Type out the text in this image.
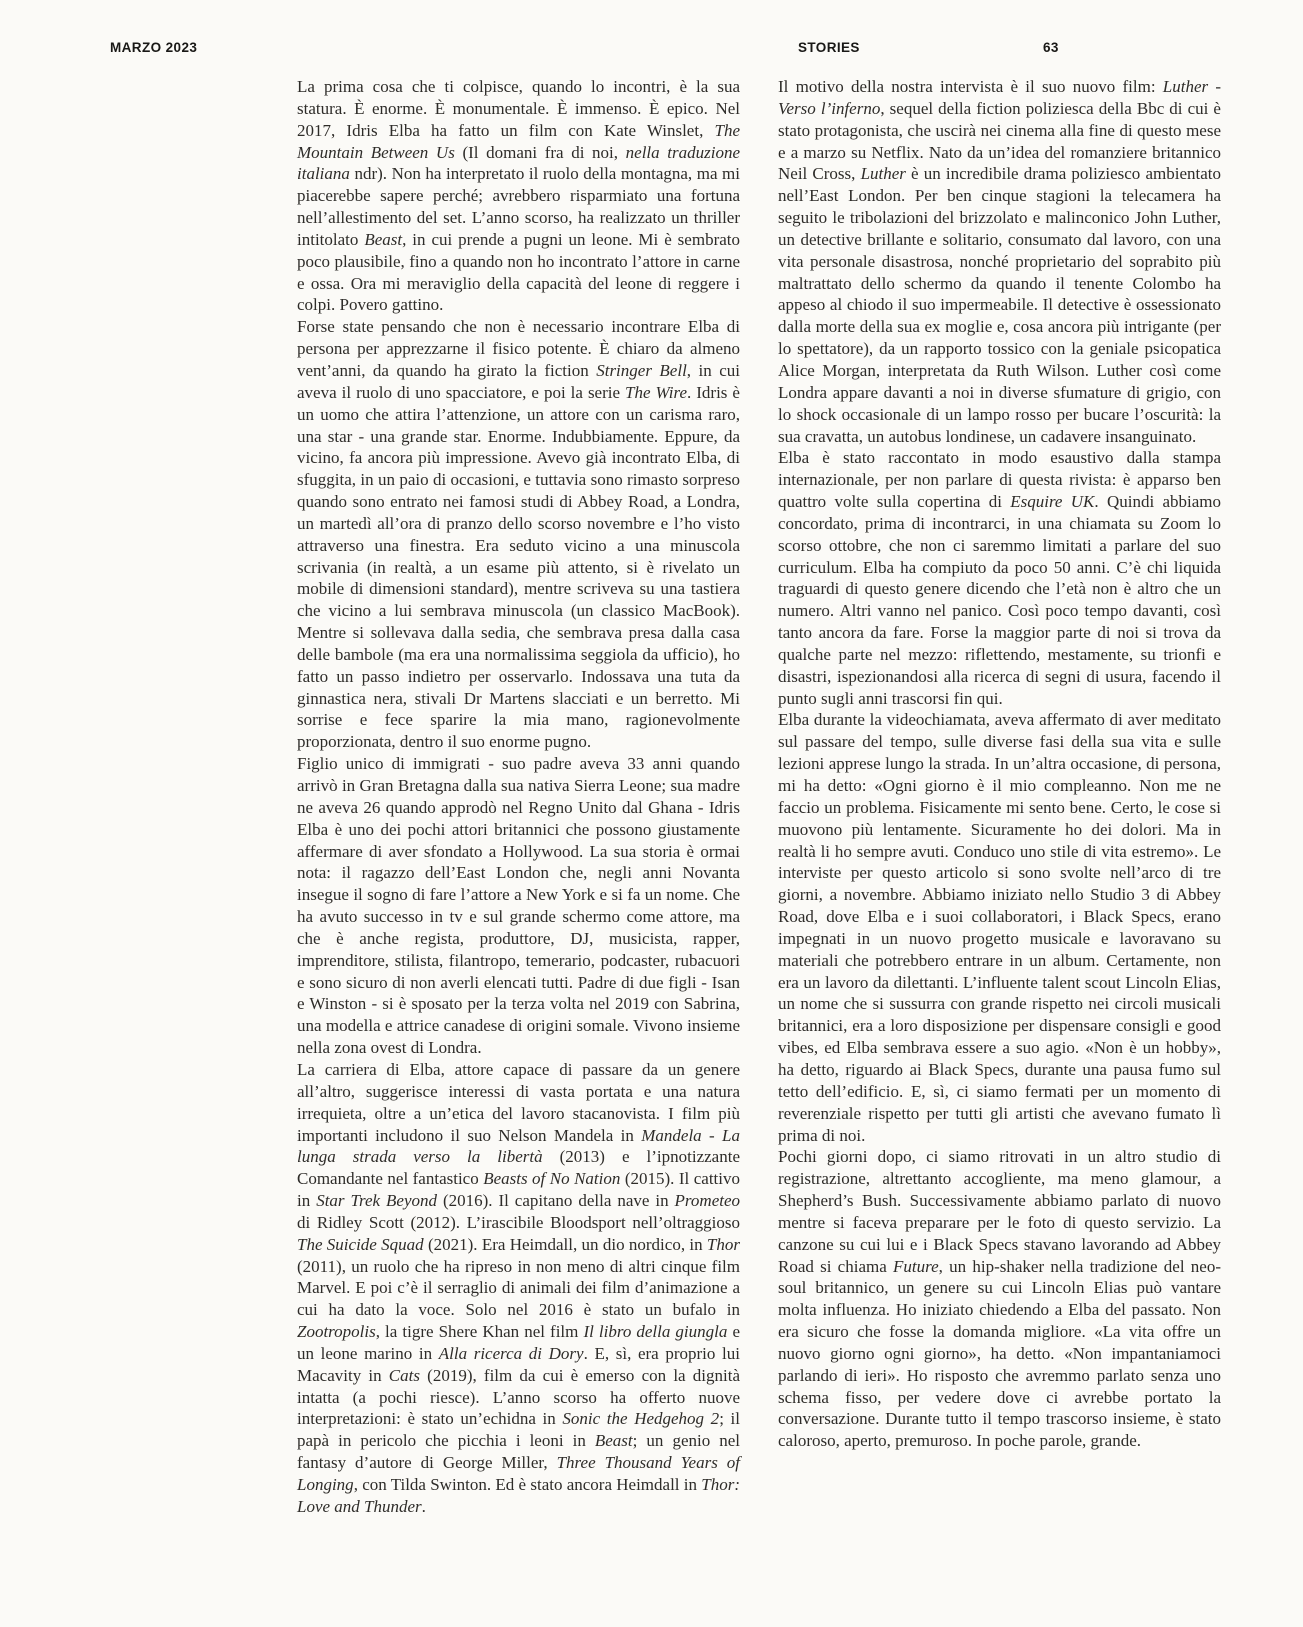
MARZO 2023	STORIES	63

La prima cosa che ti colpisce, quando lo incontri, è la sua statura. È enorme. È monumentale. È immenso. È epico. Nel 2017, Idris Elba ha fatto un film con Kate Winslet, The Mountain Between Us (Il domani fra di noi, nella traduzione italiana ndr). Non ha interpretato il ruolo della montagna, ma mi piacerebbe sapere perché; avrebbero risparmiato una fortuna nell’allestimento del set. L’anno scorso, ha realizzato un thriller intitolato Beast, in cui prende a pugni un leone. Mi è sembrato poco plausibile, fino a quando non ho incontrato l’attore in carne e ossa. Ora mi meraviglio della capacità del leone di reggere i colpi. Povero gattino.

Forse state pensando che non è necessario incontrare Elba di persona per apprezzarne il fisico potente. È chiaro da almeno vent’anni, da quando ha girato la fiction Stringer Bell, in cui aveva il ruolo di uno spacciatore, e poi la serie The Wire. Idris è un uomo che attira l’attenzione, un attore con un carisma raro, una star - una grande star. Enorme. Indubbiamente. Eppure, da vicino, fa ancora più impressione. Avevo già incontrato Elba, di sfuggita, in un paio di occasioni, e tuttavia sono rimasto sorpreso quando sono entrato nei famosi studi di Abbey Road, a Londra, un martedì all’ora di pranzo dello scorso novembre e l’ho visto attraverso una finestra. Era seduto vicino a una minuscola scrivania (in realtà, a un esame più attento, si è rivelato un mobile di dimensioni standard), mentre scriveva su una tastiera che vicino a lui sembrava minuscola (un classico MacBook). Mentre si sollevava dalla sedia, che sembrava presa dalla casa delle bambole (ma era una normalissima seggiola da ufficio), ho fatto un passo indietro per osservarlo. Indossava una tuta da ginnastica nera, stivali Dr Martens slacciati e un berretto. Mi sorrise e fece sparire la mia mano, ragionevolmente proporzionata, dentro il suo enorme pugno.

Figlio unico di immigrati - suo padre aveva 33 anni quando arrivò in Gran Bretagna dalla sua nativa Sierra Leone; sua madre ne aveva 26 quando approdò nel Regno Unito dal Ghana - Idris Elba è uno dei pochi attori britannici che possono giustamente affermare di aver sfondato a Hollywood. La sua storia è ormai nota: il ragazzo dell’East London che, negli anni Novanta insegue il sogno di fare l’attore a New York e si fa un nome. Che ha avuto successo in tv e sul grande schermo come attore, ma che è anche regista, produttore, DJ, musicista, rapper, imprenditore, stilista, filantropo, temerario, podcaster, rubacuori e sono sicuro di non averli elencati tutti. Padre di due figli - Isan e Winston - si è sposato per la terza volta nel 2019 con Sabrina, una modella e attrice canadese di origini somale. Vivono insieme nella zona ovest di Londra.

La carriera di Elba, attore capace di passare da un genere all’altro, suggerisce interessi di vasta portata e una natura irrequieta, oltre a un’etica del lavoro stacanovista. I film più importanti includono il suo Nelson Mandela in Mandela - La lunga strada verso la libertà (2013) e l’ipnotizzante Comandante nel fantastico Beasts of No Nation (2015). Il cattivo in Star Trek Beyond (2016). Il capitano della nave in Prometeo di Ridley Scott (2012). L’irascibile Bloodsport nell’oltraggioso The Suicide Squad (2021). Era Heimdall, un dio nordico, in Thor (2011), un ruolo che ha ripreso in non meno di altri cinque film Marvel. E poi c’è il serraglio di animali dei film d’animazione a cui ha dato la voce. Solo nel 2016 è stato un bufalo in Zootropolis, la tigre Shere Khan nel film Il libro della giungla e un leone marino in Alla ricerca di Dory. E, sì, era proprio lui Macavity in Cats (2019), film da cui è emerso con la dignità intatta (a pochi riesce). L’anno scorso ha offerto nuove interpretazioni: è stato un’echidna in Sonic the Hedgehog 2; il papà in pericolo che picchia i leoni in Beast; un genio nel fantasy d’autore di George Miller, Three Thousand Years of Longing, con Tilda Swinton. Ed è stato ancora Heimdall in Thor: Love and Thunder.

Il motivo della nostra intervista è il suo nuovo film: Luther - Verso l’inferno, sequel della fiction poliziesca della Bbc di cui è stato protagonista, che uscirà nei cinema alla fine di questo mese e a marzo su Netflix. Nato da un’idea del romanziere britannico Neil Cross, Luther è un incredibile drama poliziesco ambientato nell’East London. Per ben cinque stagioni la telecamera ha seguito le tribolazioni del brizzolato e malinconico John Luther, un detective brillante e solitario, consumato dal lavoro, con una vita personale disastrosa, nonché proprietario del soprabito più maltrattato dello schermo da quando il tenente Colombo ha appeso al chiodo il suo impermeabile. Il detective è ossessionato dalla morte della sua ex moglie e, cosa ancora più intrigante (per lo spettatore), da un rapporto tossico con la geniale psicopatica Alice Morgan, interpretata da Ruth Wilson. Luther così come Londra appare davanti a noi in diverse sfumature di grigio, con lo shock occasionale di un lampo rosso per bucare l’oscurità: la sua cravatta, un autobus londinese, un cadavere insanguinato.

Elba è stato raccontato in modo esaustivo dalla stampa internazionale, per non parlare di questa rivista: è apparso ben quattro volte sulla copertina di Esquire UK. Quindi abbiamo concordato, prima di incontrarci, in una chiamata su Zoom lo scorso ottobre, che non ci saremmo limitati a parlare del suo curriculum. Elba ha compiuto da poco 50 anni. C’è chi liquida traguardi di questo genere dicendo che l’età non è altro che un numero. Altri vanno nel panico. Così poco tempo davanti, così tanto ancora da fare. Forse la maggior parte di noi si trova da qualche parte nel mezzo: riflettendo, mestamente, su trionfi e disastri, ispezionandosi alla ricerca di segni di usura, facendo il punto sugli anni trascorsi fin qui.

Elba durante la videochiamata, aveva affermato di aver meditato sul passare del tempo, sulle diverse fasi della sua vita e sulle lezioni apprese lungo la strada. In un’altra occasione, di persona, mi ha detto: «Ogni giorno è il mio compleanno. Non me ne faccio un problema. Fisicamente mi sento bene. Certo, le cose si muovono più lentamente. Sicuramente ho dei dolori. Ma in realtà li ho sempre avuti. Conduco uno stile di vita estremo». Le interviste per questo articolo si sono svolte nell’arco di tre giorni, a novembre. Abbiamo iniziato nello Studio 3 di Abbey Road, dove Elba e i suoi collaboratori, i Black Specs, erano impegnati in un nuovo progetto musicale e lavoravano su materiali che potrebbero entrare in un album. Certamente, non era un lavoro da dilettanti. L’influente talent scout Lincoln Elias, un nome che si sussurra con grande rispetto nei circoli musicali britannici, era a loro disposizione per dispensare consigli e good vibes, ed Elba sembrava essere a suo agio. «Non è un hobby», ha detto, riguardo ai Black Specs, durante una pausa fumo sul tetto dell’edificio. E, sì, ci siamo fermati per un momento di reverenziale rispetto per tutti gli artisti che avevano fumato lì prima di noi.

Pochi giorni dopo, ci siamo ritrovati in un altro studio di registrazione, altrettanto accogliente, ma meno glamour, a Shepherd’s Bush. Successivamente abbiamo parlato di nuovo mentre si faceva preparare per le foto di questo servizio. La canzone su cui lui e i Black Specs stavano lavorando ad Abbey Road si chiama Future, un hip-shaker nella tradizione del neo-soul britannico, un genere su cui Lincoln Elias può vantare molta influenza. Ho iniziato chiedendo a Elba del passato. Non era sicuro che fosse la domanda migliore. «La vita offre un nuovo giorno ogni giorno», ha detto. «Non impantaniamoci parlando di ieri». Ho risposto che avremmo parlato senza uno schema fisso, per vedere dove ci avrebbe portato la conversazione. Durante tutto il tempo trascorso insieme, è stato caloroso, aperto, premuroso. In poche parole, grande.
